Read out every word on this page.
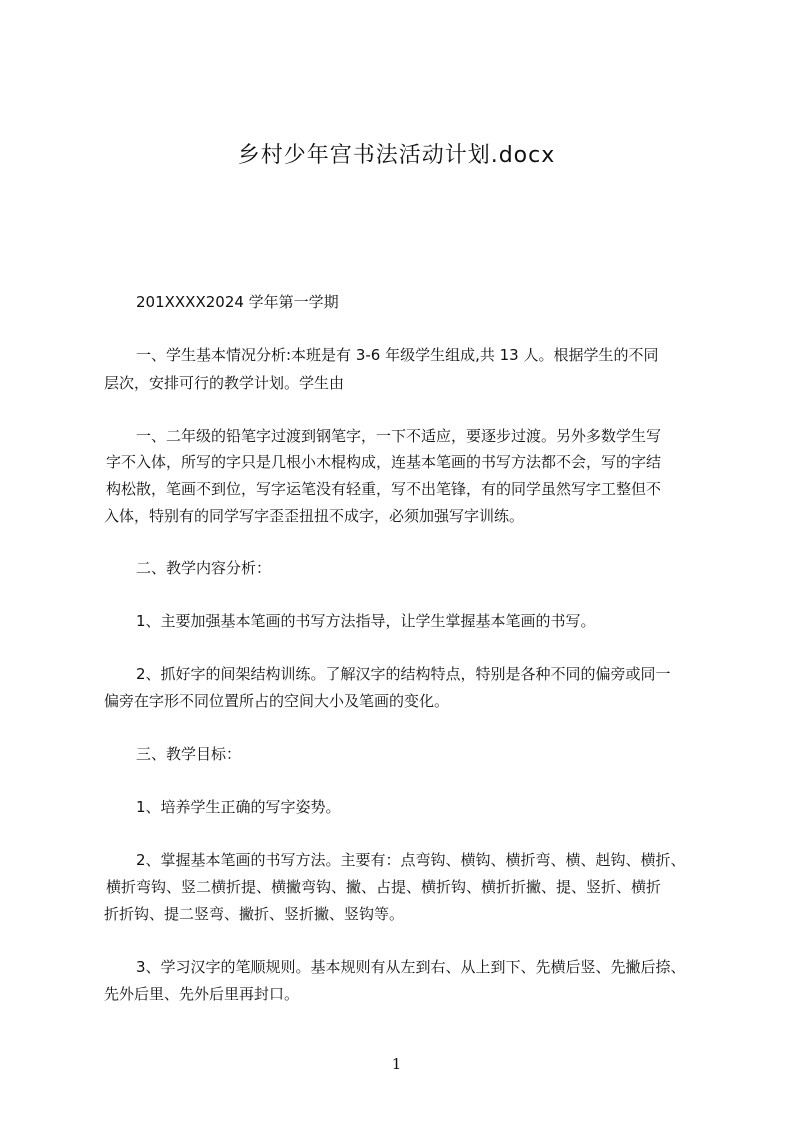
乡村少年宫书法活动计划.docx
201XXXX2024 学年第一学期
一、学生基本情况分析:本班是有 3-6 年级学生组成,共 13 人。根据学生的不同
层次，安排可行的教学计划。学生由
一、二年级的铅笔字过渡到钢笔字，一下不适应，要逐步过渡。另外多数学生写
字不入体，所写的字只是几根小木棍构成，连基本笔画的书写方法都不会，写的字结
构松散，笔画不到位，写字运笔没有轻重，写不出笔锋，有的同学虽然写字工整但不
入体，特别有的同学写字歪歪扭扭不成字，必须加强写字训练。
二、教学内容分析：
1、主要加强基本笔画的书写方法指导，让学生掌握基本笔画的书写。
2、抓好字的间架结构训练。了解汉字的结构特点，特别是各种不同的偏旁或同一
偏旁在字形不同位置所占的空间大小及笔画的变化。
三、教学目标：
1、培养学生正确的写字姿势。
2、掌握基本笔画的书写方法。主要有：点弯钩、横钩、横折弯、横、赳钩、横折、
横折弯钩、竖二横折提、横撇弯钩、撇、占提、横折钩、横折折撇、提、竖折、横折
折折钩、提二竖弯、撇折、竖折撇、竖钩等。
3、学习汉字的笔顺规则。基本规则有从左到右、从上到下、先横后竖、先撇后捺、
先外后里、先外后里再封口。
1
